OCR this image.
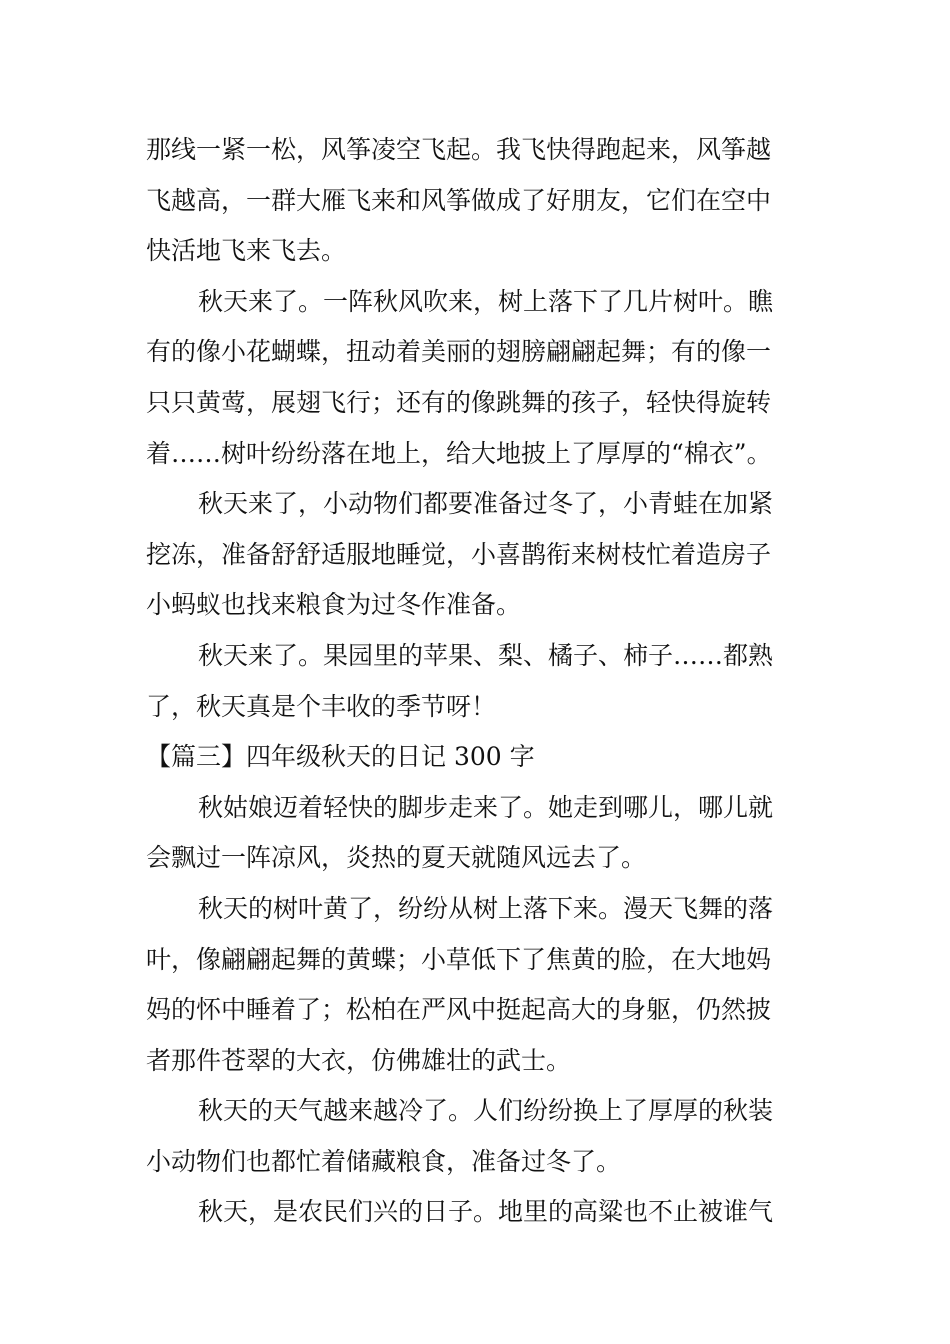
那线一紧一松，风筝凌空飞起。我飞快得跑起来，风筝越
飞越高，一群大雁飞来和风筝做成了好朋友，它们在空中
快活地飞来飞去。
秋天来了。一阵秋风吹来，树上落下了几片树叶。瞧
有的像小花蝴蝶，扭动着美丽的翅膀翩翩起舞；有的像一
只只黄莺，展翅飞行；还有的像跳舞的孩子，轻快得旋转
着……树叶纷纷落在地上，给大地披上了厚厚的“棉衣”。
秋天来了，小动物们都要准备过冬了，小青蛙在加紧
挖冻，准备舒舒适服地睡觉，小喜鹊衔来树枝忙着造房子
小蚂蚁也找来粮食为过冬作准备。
秋天来了。果园里的苹果、梨、橘子、柿子……都熟
了，秋天真是个丰收的季节呀！
【篇三】四年级秋天的日记 300 字
秋姑娘迈着轻快的脚步走来了。她走到哪儿，哪儿就
会飘过一阵凉风，炎热的夏天就随风远去了。
秋天的树叶黄了，纷纷从树上落下来。漫天飞舞的落
叶，像翩翩起舞的黄蝶；小草低下了焦黄的脸，在大地妈
妈的怀中睡着了；松柏在严风中挺起高大的身躯，仍然披
者那件苍翠的大衣，仿佛雄壮的武士。
秋天的天气越来越冷了。人们纷纷换上了厚厚的秋装
小动物们也都忙着储藏粮食，准备过冬了。
秋天，是农民们兴的日子。地里的高粱也不止被谁气
